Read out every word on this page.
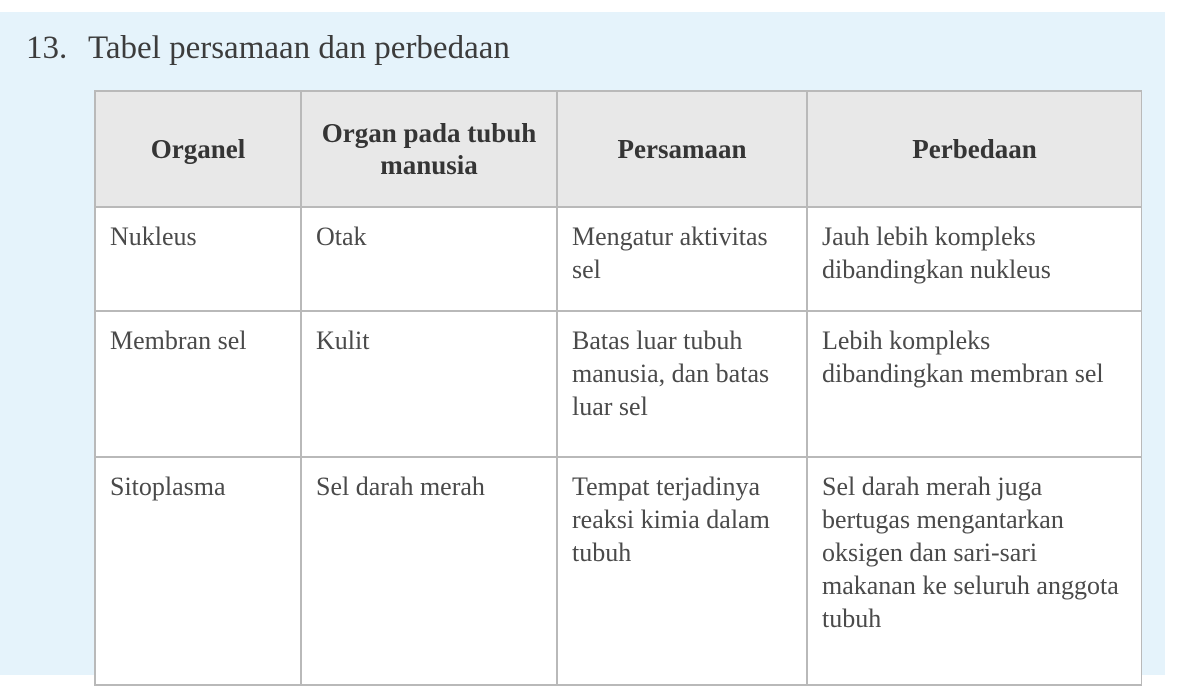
13. Tabel persamaan dan perbedaan
Organel	Organ pada tubuh manusia	Persamaan	Perbedaan
Nukleus	Otak	Mengatur aktivitas sel	Jauh lebih kompleks dibandingkan nukleus
Membran sel	Kulit	Batas luar tubuh manusia, dan batas luar sel	Lebih kompleks dibandingkan membran sel
Sitoplasma	Sel darah merah	Tempat terjadinya reaksi kimia dalam tubuh	Sel darah merah juga bertugas mengantarkan oksigen dan sari-sari makanan ke seluruh anggota tubuh
